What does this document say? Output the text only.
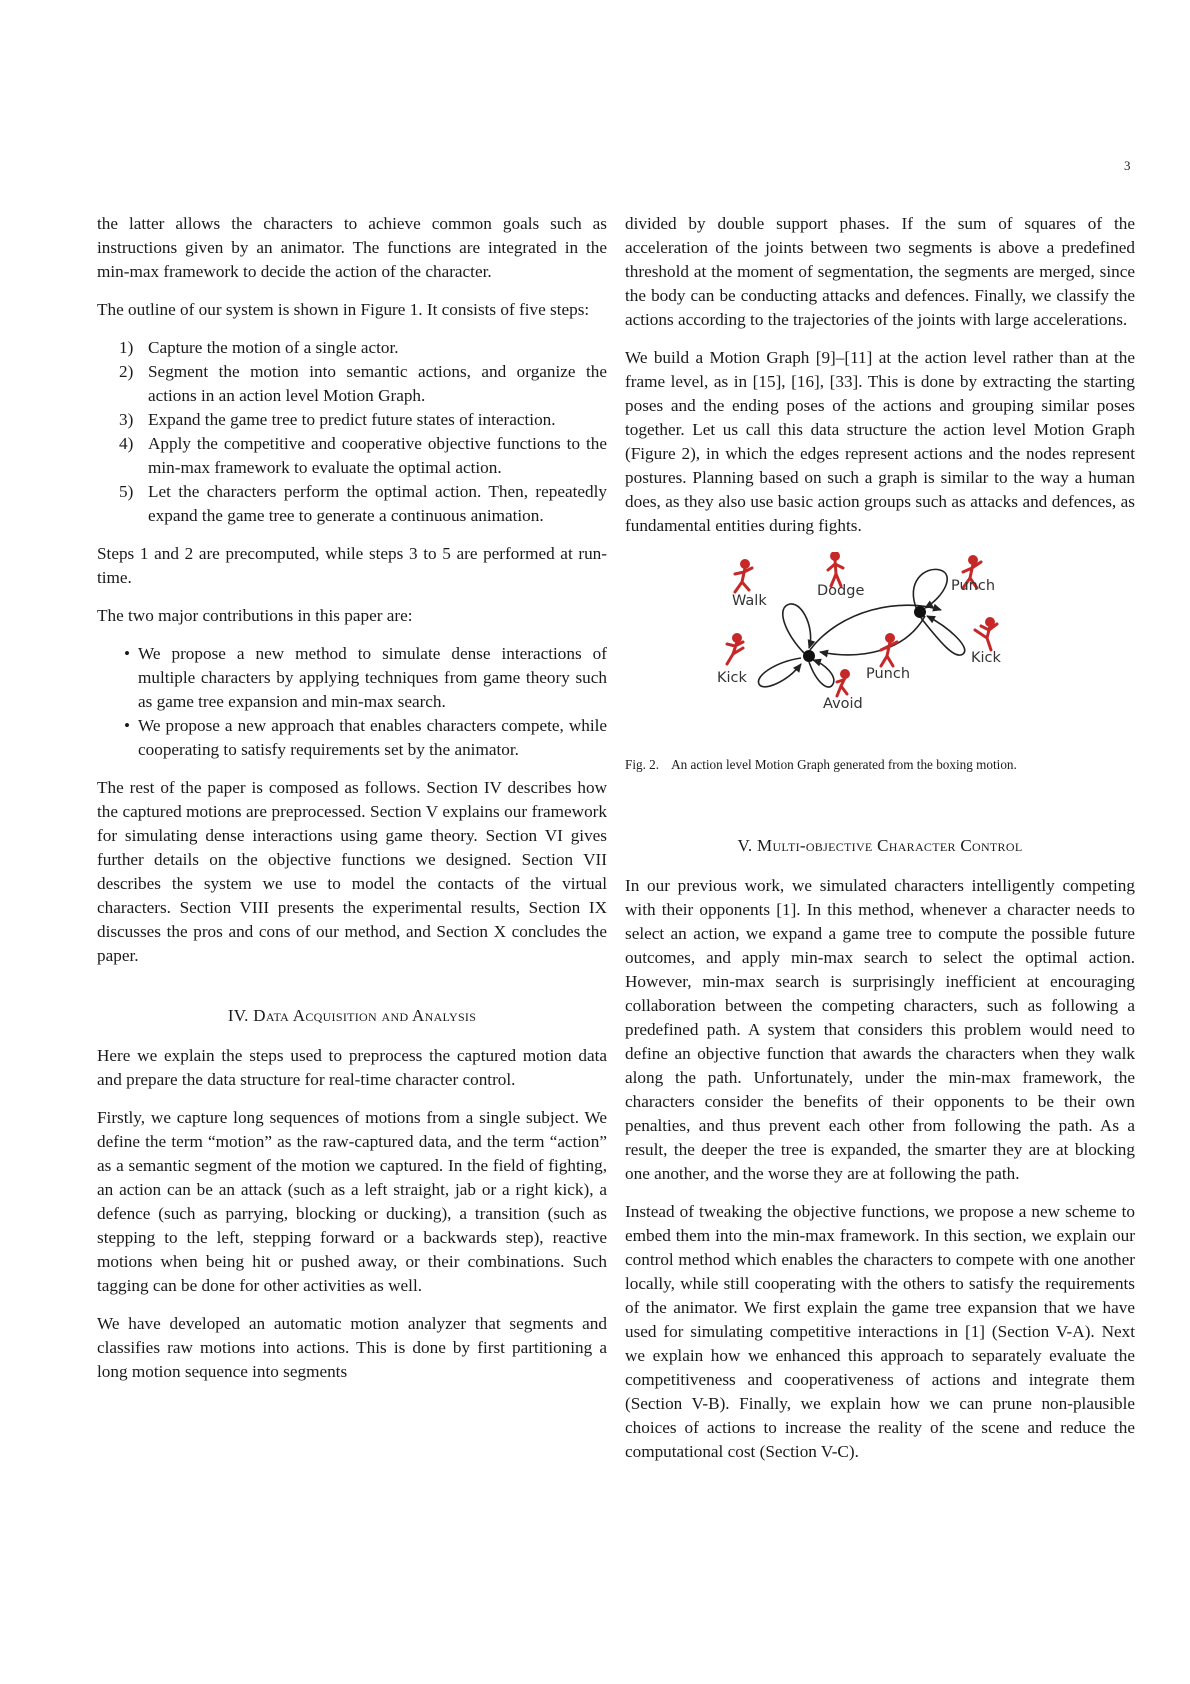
3

the latter allows the characters to achieve common goals such as instructions given by an animator. The functions are integrated in the min-max framework to decide the action of the character.

The outline of our system is shown in Figure 1. It consists of five steps:

1) Capture the motion of a single actor.
2) Segment the motion into semantic actions, and organize the actions in an action level Motion Graph.
3) Expand the game tree to predict future states of interaction.
4) Apply the competitive and cooperative objective functions to the min-max framework to evaluate the optimal action.
5) Let the characters perform the optimal action. Then, repeatedly expand the game tree to generate a continuous animation.

Steps 1 and 2 are precomputed, while steps 3 to 5 are performed at run-time.

The two major contributions in this paper are:

• We propose a new method to simulate dense interactions of multiple characters by applying techniques from game theory such as game tree expansion and min-max search.
• We propose a new approach that enables characters compete, while cooperating to satisfy requirements set by the animator.

The rest of the paper is composed as follows. Section IV describes how the captured motions are preprocessed. Section V explains our framework for simulating dense interactions using game theory. Section VI gives further details on the objective functions we designed. Section VII describes the system we use to model the contacts of the virtual characters. Section VIII presents the experimental results, Section IX discusses the pros and cons of our method, and Section X concludes the paper.

IV. Data Acquisition and Analysis

Here we explain the steps used to preprocess the captured motion data and prepare the data structure for real-time character control.

Firstly, we capture long sequences of motions from a single subject. We define the term “motion” as the raw-captured data, and the term “action” as a semantic segment of the motion we captured. In the field of fighting, an action can be an attack (such as a left straight, jab or a right kick), a defence (such as parrying, blocking or ducking), a transition (such as stepping to the left, stepping forward or a backwards step), reactive motions when being hit or pushed away, or their combinations. Such tagging can be done for other activities as well.

We have developed an automatic motion analyzer that segments and classifies raw motions into actions. This is done by first partitioning a long motion sequence into segments

divided by double support phases. If the sum of squares of the acceleration of the joints between two segments is above a predefined threshold at the moment of segmentation, the segments are merged, since the body can be conducting attacks and defences. Finally, we classify the actions according to the trajectories of the joints with large accelerations.

We build a Motion Graph [9]–[11] at the action level rather than at the frame level, as in [15], [16], [33]. This is done by extracting the starting poses and the ending poses of the actions and grouping similar poses together. Let us call this data structure the action level Motion Graph (Figure 2), in which the edges represent actions and the nodes represent postures. Planning based on such a graph is similar to the way a human does, as they also use basic action groups such as attacks and defences, as fundamental entities during fights.

Walk
Dodge	Punch
Kick
Punch
Kick
Avoid
Fig. 2. An action level Motion Graph generated from the boxing motion.
V. Multi-objective Character Control

In our previous work, we simulated characters intelligently competing with their opponents [1]. In this method, whenever a character needs to select an action, we expand a game tree to compute the possible future outcomes, and apply min-max search to select the optimal action. However, min-max search is surprisingly inefficient at encouraging collaboration between the competing characters, such as following a predefined path. A system that considers this problem would need to define an objective function that awards the characters when they walk along the path. Unfortunately, under the min-max framework, the characters consider the benefits of their opponents to be their own penalties, and thus prevent each other from following the path. As a result, the deeper the tree is expanded, the smarter they are at blocking one another, and the worse they are at following the path.

Instead of tweaking the objective functions, we propose a new scheme to embed them into the min-max framework. In this section, we explain our control method which enables the characters to compete with one another locally, while still cooperating with the others to satisfy the requirements of the animator. We first explain the game tree expansion that we have used for simulating competitive interactions in [1] (Section V-A). Next we explain how we enhanced this approach to separately evaluate the competitiveness and cooperativeness of actions and integrate them (Section V-B). Finally, we explain how we can prune non-plausible choices of actions to increase the reality of the scene and reduce the computational cost (Section V-C).
